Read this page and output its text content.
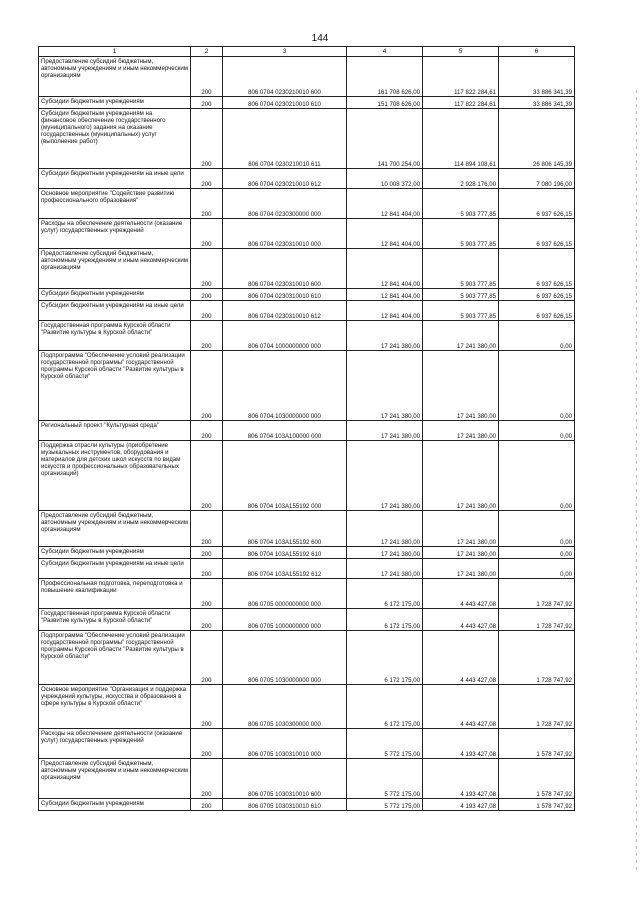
144
1	2	3	4	5	6
Предоставление субсидий бюджетным, автономным учреждениям и иным некоммерческим организациям	200	806 0704 0230210010 600	161 708 626,00	117 822 284,61	33 886 341,39
Субсидии бюджетным учреждениям	200	806 0704 0230210010 610	151 708 626,00	117 822 284,61	33 886 341,39
Субсидии бюджетным учреждениям на финансовое обеспечение государственного (муниципального) задания на оказание государственных (муниципальных) услуг (выполнение работ)	200	806 0704 0230210010 611	141 700 254,00	114 894 108,61	26 806 145,39
Субсидии бюджетным учреждениям на иные цели	200	806 0704 0230210010 612	10 008 372,00	2 928 176,00	7 080 196,00
Основное мероприятие "Содействие развитию профессионального образования"	200	806 0704 0230300000 000	12 841 404,00	5 903 777,85	6 937 626,15
Расходы на обеспечение деятельности (оказание услуг) государственных учреждений	200	806 0704 0230310010 000	12 841 404,00	5 903 777,85	6 937 626,15
Предоставление субсидий бюджетным, автономным учреждениям и иным некоммерческим организациям	200	806 0704 0230310010 600	12 841 404,00	5 903 777,85	6 937 626,15
Субсидии бюджетным учреждениям	200	806 0704 0230310010 610	12 841 404,00	5 903 777,85	6 937 626,15
Субсидии бюджетным учреждениям на иные цели	200	806 0704 0230310010 612	12 841 404,00	5 903 777,85	6 937 626,15
Государственная программа Курской области "Развитие культуры в Курской области"	200	806 0704 1000000000 000	17 241 380,00	17 241 380,00	0,00
Подпрограмма "Обеспечение условий реализации государственной программы" государственной программы Курской области "Развитие культуры в Курской области"	200	806 0704 1030000000 000	17 241 380,00	17 241 380,00	0,00
Региональный проект "Культурная среда"	200	806 0704 103A100000 000	17 241 380,00	17 241 380,00	0,00
Поддержка отрасли культуры (приобретение музыкальных инструментов, оборудования и материалов для детских школ искусств по видам искусств и профессиональных образовательных организаций)	200	806 0704 103A155192 000	17 241 380,00	17 241 380,00	0,00
Предоставление субсидий бюджетным, автономным учреждениям и иным некоммерческим организациям	200	806 0704 103A155192 600	17 241 380,00	17 241 380,00	0,00
Субсидии бюджетным учреждениям	200	806 0704 103A155192 610	17 241 380,00	17 241 380,00	0,00
Субсидии бюджетным учреждениям на иные цели	200	806 0704 103A155192 612	17 241 380,00	17 241 380,00	0,00
Профессиональная подготовка, переподготовка и повышение квалификации	200	806 0705 0000000000 000	6 172 175,00	4 443 427,08	1 728 747,92
Государственная программа Курской области "Развитие культуры в Курской области"	200	806 0705 1000000000 000	6 172 175,00	4 443 427,08	1 728 747,92
Подпрограмма "Обеспечение условий реализации государственной программы" государственной программы Курской области "Развитие культуры в Курской области"	200	806 0705 1030000000 000	6 172 175,00	4 443 427,08	1 728 747,92
Основное мероприятие "Организация и поддержка учреждений культуры, искусства и образования в сфере культуры в Курской области"	200	806 0705 1030300000 000	6 172 175,00	4 443 427,08	1 728 747,92
Расходы на обеспечение деятельности (оказание услуг) государственных учреждений	200	806 0705 1030310010 000	5 772 175,00	4 193 427,08	1 578 747,92
Предоставление субсидий бюджетным, автономным учреждениям и иным некоммерческим организациям	200	806 0705 1030310010 600	5 772 175,00	4 193 427,08	1 578 747,92
Субсидии бюджетным учреждениям	200	806 0705 1030310010 610	5 772 175,00	4 193 427,08	1 578 747,92
